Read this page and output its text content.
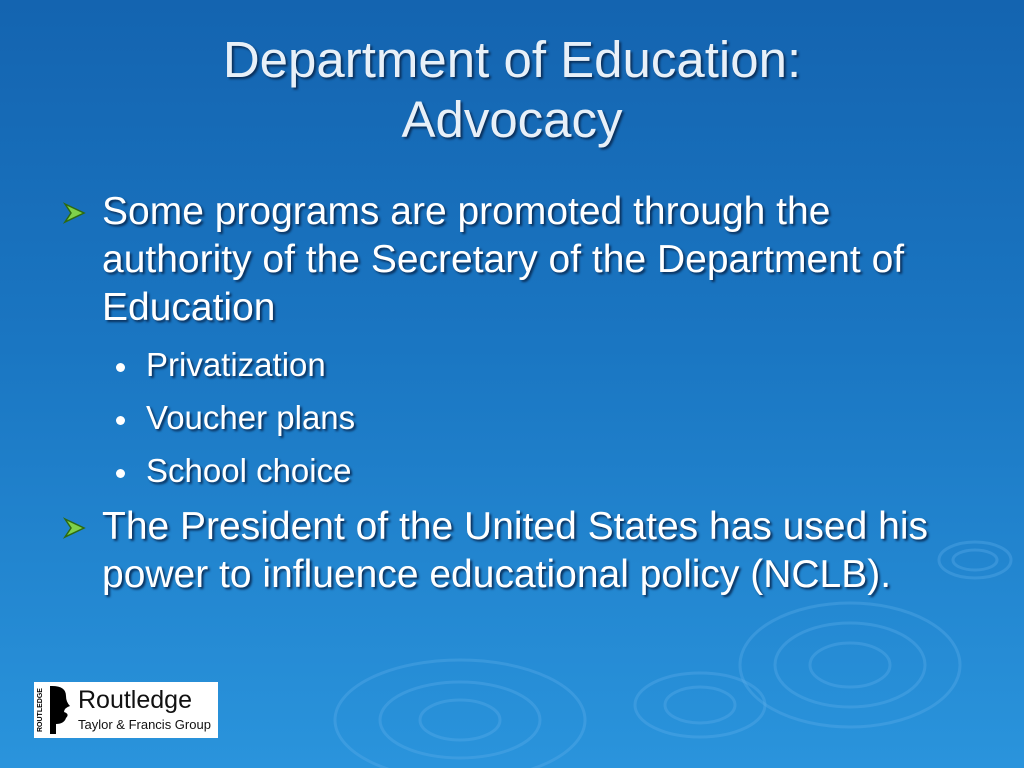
Department of Education:
Advocacy
Some programs are promoted through the authority of the Secretary of the Department of Education
Privatization
Voucher plans
School choice
The President of the United States has used his power to influence educational policy (NCLB).
ROUTLEDGE Routledge
Taylor & Francis Group
